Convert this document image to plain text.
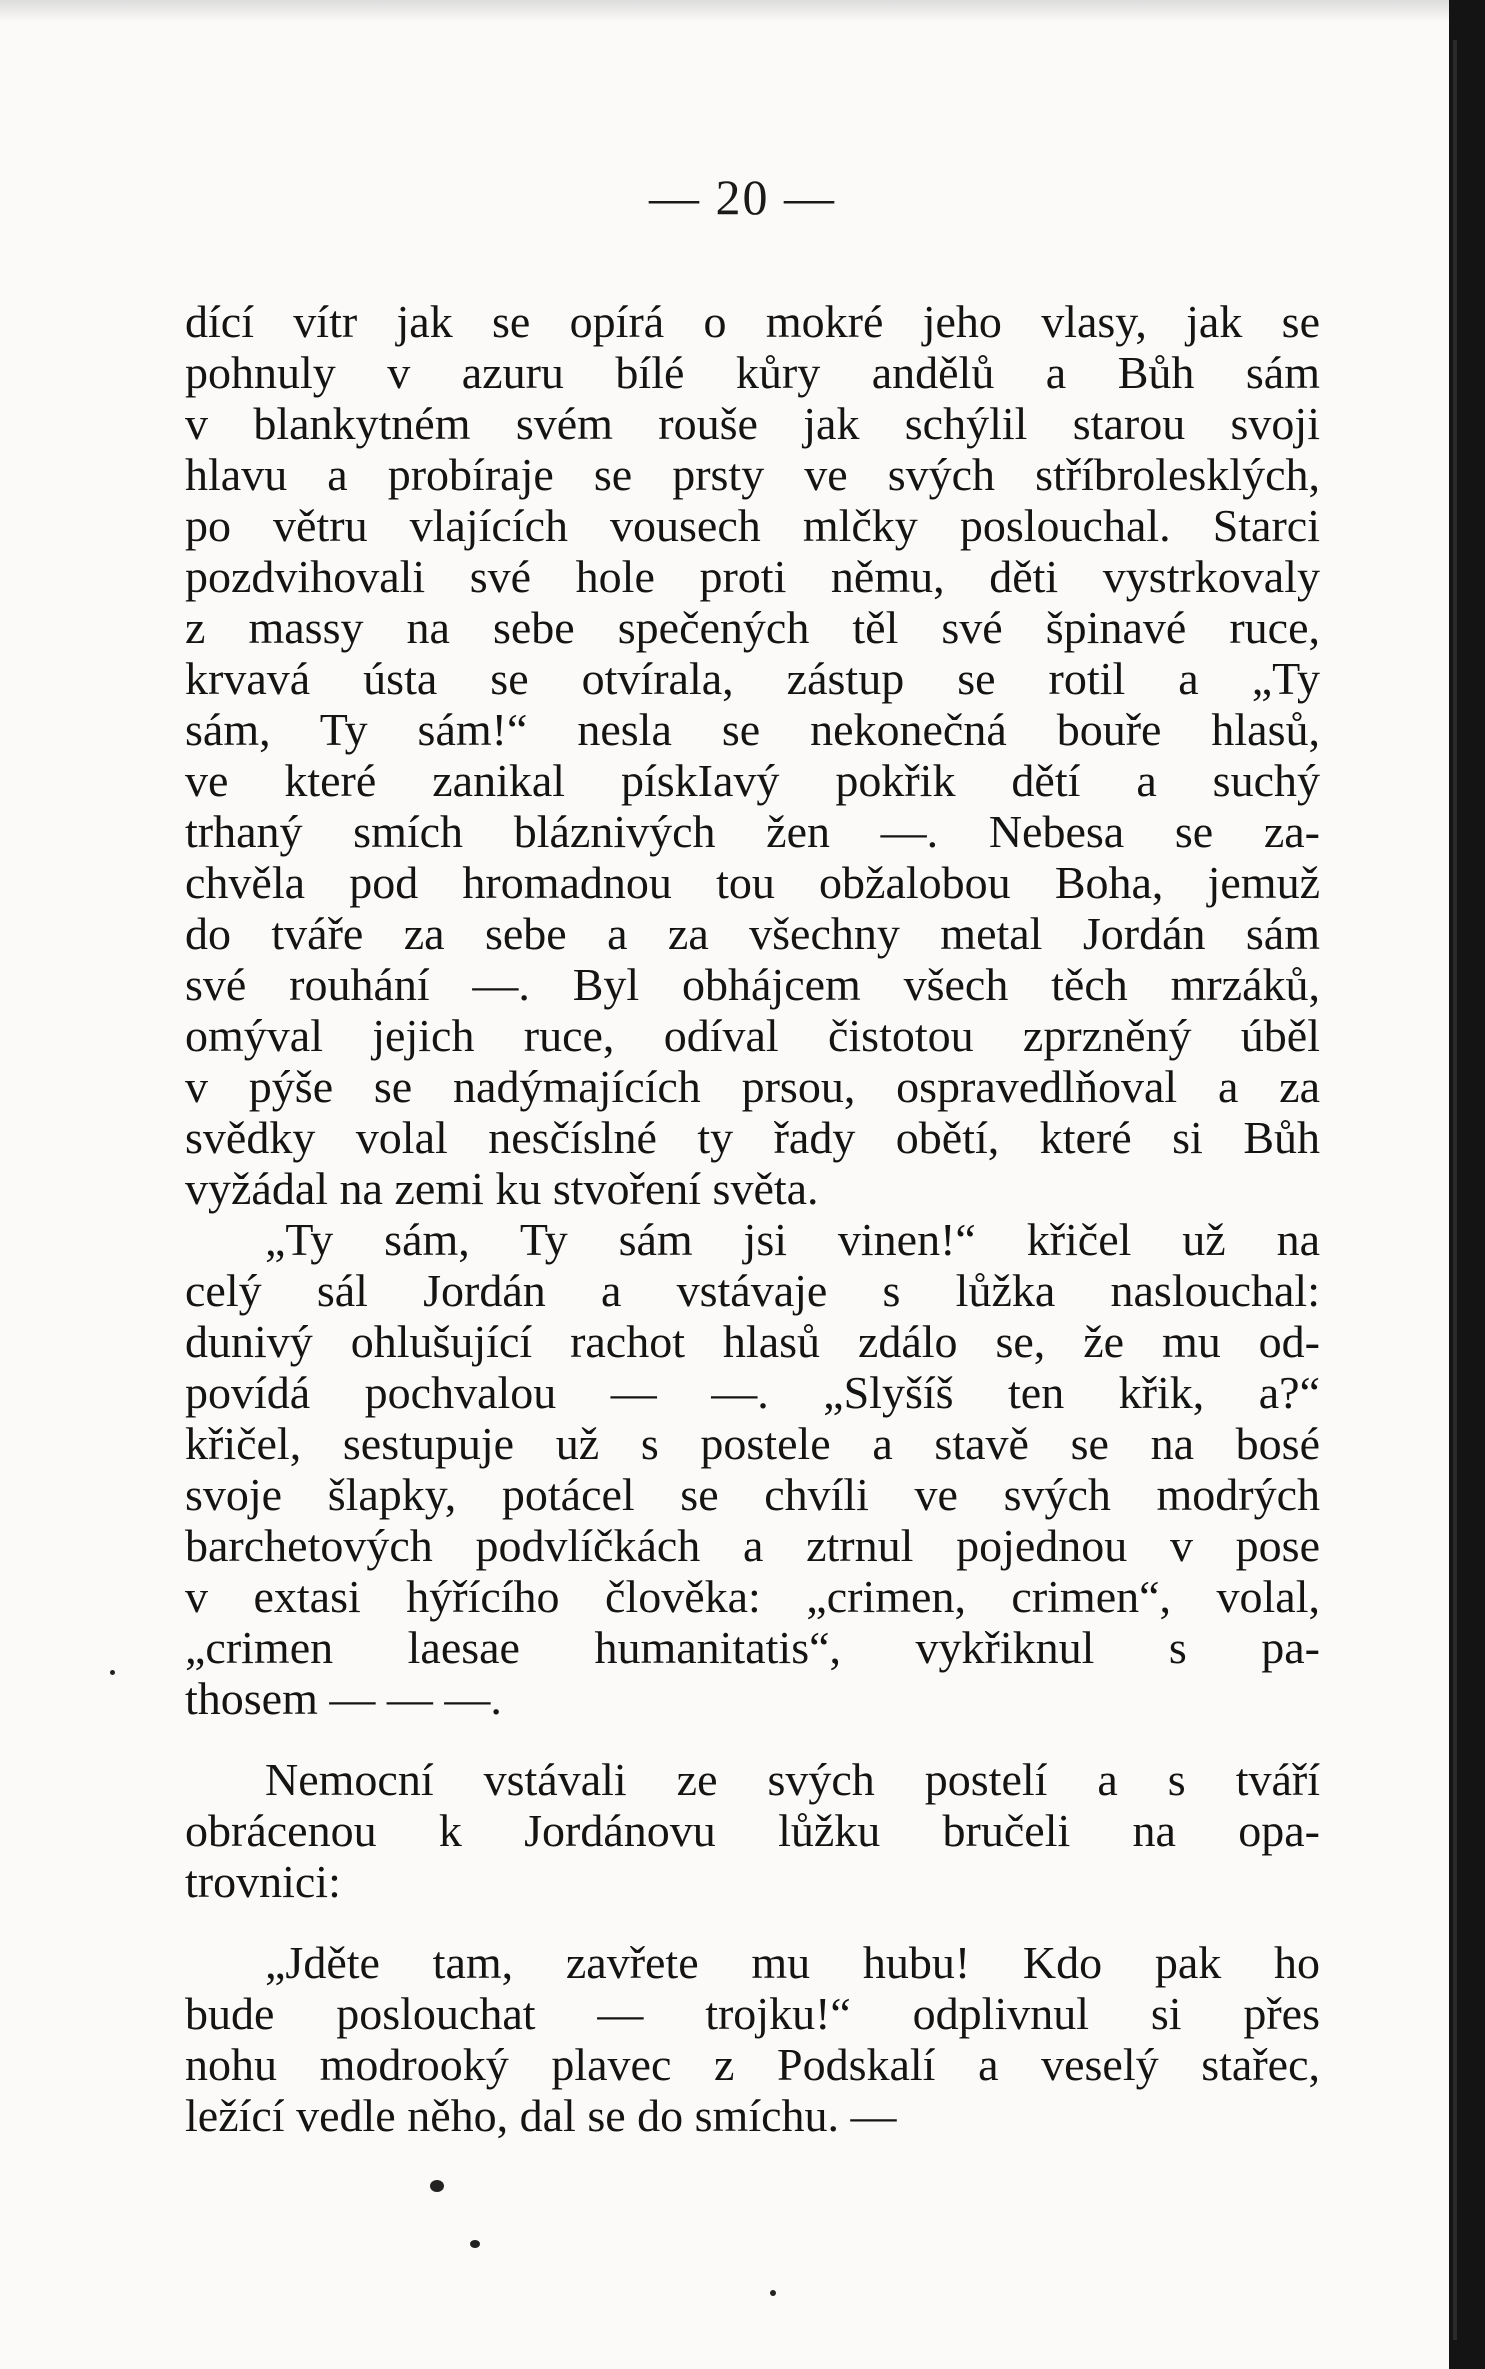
— 20 —
dící vítr jak se opírá o mokré jeho vlasy, jak se
pohnuly v azuru bílé kůry andělů a Bůh sám
v blankytném svém rouše jak schýlil starou svoji
hlavu a probíraje se prsty ve svých stříbrolesklých,
po větru vlajících vousech mlčky poslouchal. Starci
pozdvihovali své hole proti němu, děti vystrkovaly
z massy na sebe spečených těl své špinavé ruce,
krvavá ústa se otvírala, zástup se rotil a „Ty
sám, Ty sám!“ nesla se nekonečná bouře hlasů,
ve které zanikal pískIavý pokřik dětí a suchý
trhaný smích bláznivých žen —. Nebesa se za-
chvěla pod hromadnou tou obžalobou Boha, jemuž
do tváře za sebe a za všechny metal Jordán sám
své rouhání —. Byl obhájcem všech těch mrzáků,
omýval jejich ruce, odíval čistotou zprzněný úběl
v pýše se nadýmajících prsou, ospravedlňoval a za
svědky volal nesčíslné ty řady obětí, které si Bůh
vyžádal na zemi ku stvoření světa.
„Ty sám, Ty sám jsi vinen!“ křičel už na
celý sál Jordán a vstávaje s lůžka naslouchal:
dunivý ohlušující rachot hlasů zdálo se, že mu od-
povídá pochvalou — —. „Slyšíš ten křik, a?“
křičel, sestupuje už s postele a stavě se na bosé
svoje šlapky, potácel se chvíli ve svých modrých
barchetových podvlíčkách a ztrnul pojednou v pose
v extasi hýřícího člověka: „crimen, crimen“, volal,
„crimen laesae humanitatis“, vykřiknul s pa-
thosem — — —.
Nemocní vstávali ze svých postelí a s tváří
obrácenou k Jordánovu lůžku bručeli na opa-
trovnici:
„Jděte tam, zavřete mu hubu! Kdo pak ho
bude poslouchat — trojku!“ odplivnul si přes
nohu modrooký plavec z Podskalí a veselý stařec,
ležící vedle něho, dal se do smíchu. —
